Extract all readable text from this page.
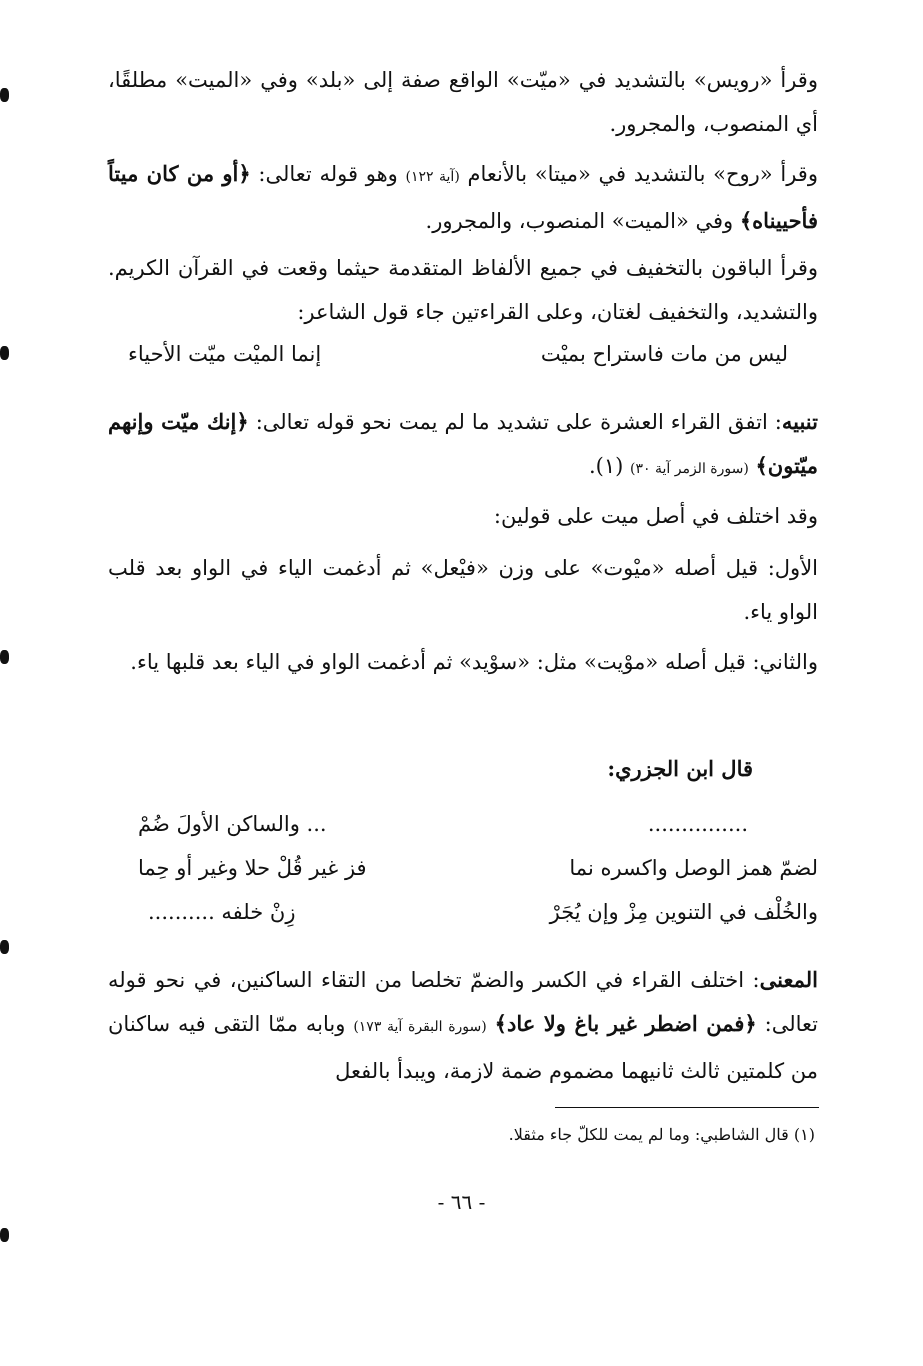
وقرأ «رويس» بالتشديد في «ميّت» الواقع صفة إلى «بلد» وفي «الميت» مطلقًا، أي المنصوب، والمجرور.

وقرأ «روح» بالتشديد في «ميتا» بالأنعام (آية ١٢٢) وهو قوله تعالى: ﴿أو من كان ميتاً فأحييناه﴾ وفي «الميت» المنصوب، والمجرور.

وقرأ الباقون بالتخفيف في جميع الألفاظ المتقدمة حيثما وقعت في القرآن الكريم. والتشديد، والتخفيف لغتان، وعلى القراءتين جاء قول الشاعر:

ليس من مات فاستراح بميْت
إنما الميْت ميّت الأحياء

تنبيه: اتفق القراء العشرة على تشديد ما لم يمت نحو قوله تعالى: ﴿إنك ميّت وإنهم ميّتون﴾ (سورة الزمر آية ٣٠) (١).

وقد اختلف في أصل ميت على قولين:

الأول: قيل أصله «ميْوت» على وزن «فيْعل» ثم أدغمت الياء في الواو بعد قلب الواو ياء.

والثاني: قيل أصله «موْيت» مثل: «سوْيد» ثم أدغمت الواو في الياء بعد قلبها ياء.

قال ابن الجزري:
...............
... والساكن الأولَ ضُمْ
لضمّ همز الوصل واكسره نما
فز غير قُلْ حلا وغير أو حِما
والخُلْف في التنوين مِزْ وإن يُجَرْ
زِنْ خلفه ..........

المعنى: اختلف القراء في الكسر والضمّ تخلصا من التقاء الساكنين، في نحو قوله تعالى: ﴿فمن اضطر غير باغ ولا عاد﴾ (سورة البقرة آية ١٧٣) وبابه ممّا التقى فيه ساكنان من كلمتين ثالث ثانيهما مضموم ضمة لازمة، ويبدأ بالفعل

(١) قال الشاطبي: وما لم يمت للكلّ جاء مثقلا.
- ٦٦ -
